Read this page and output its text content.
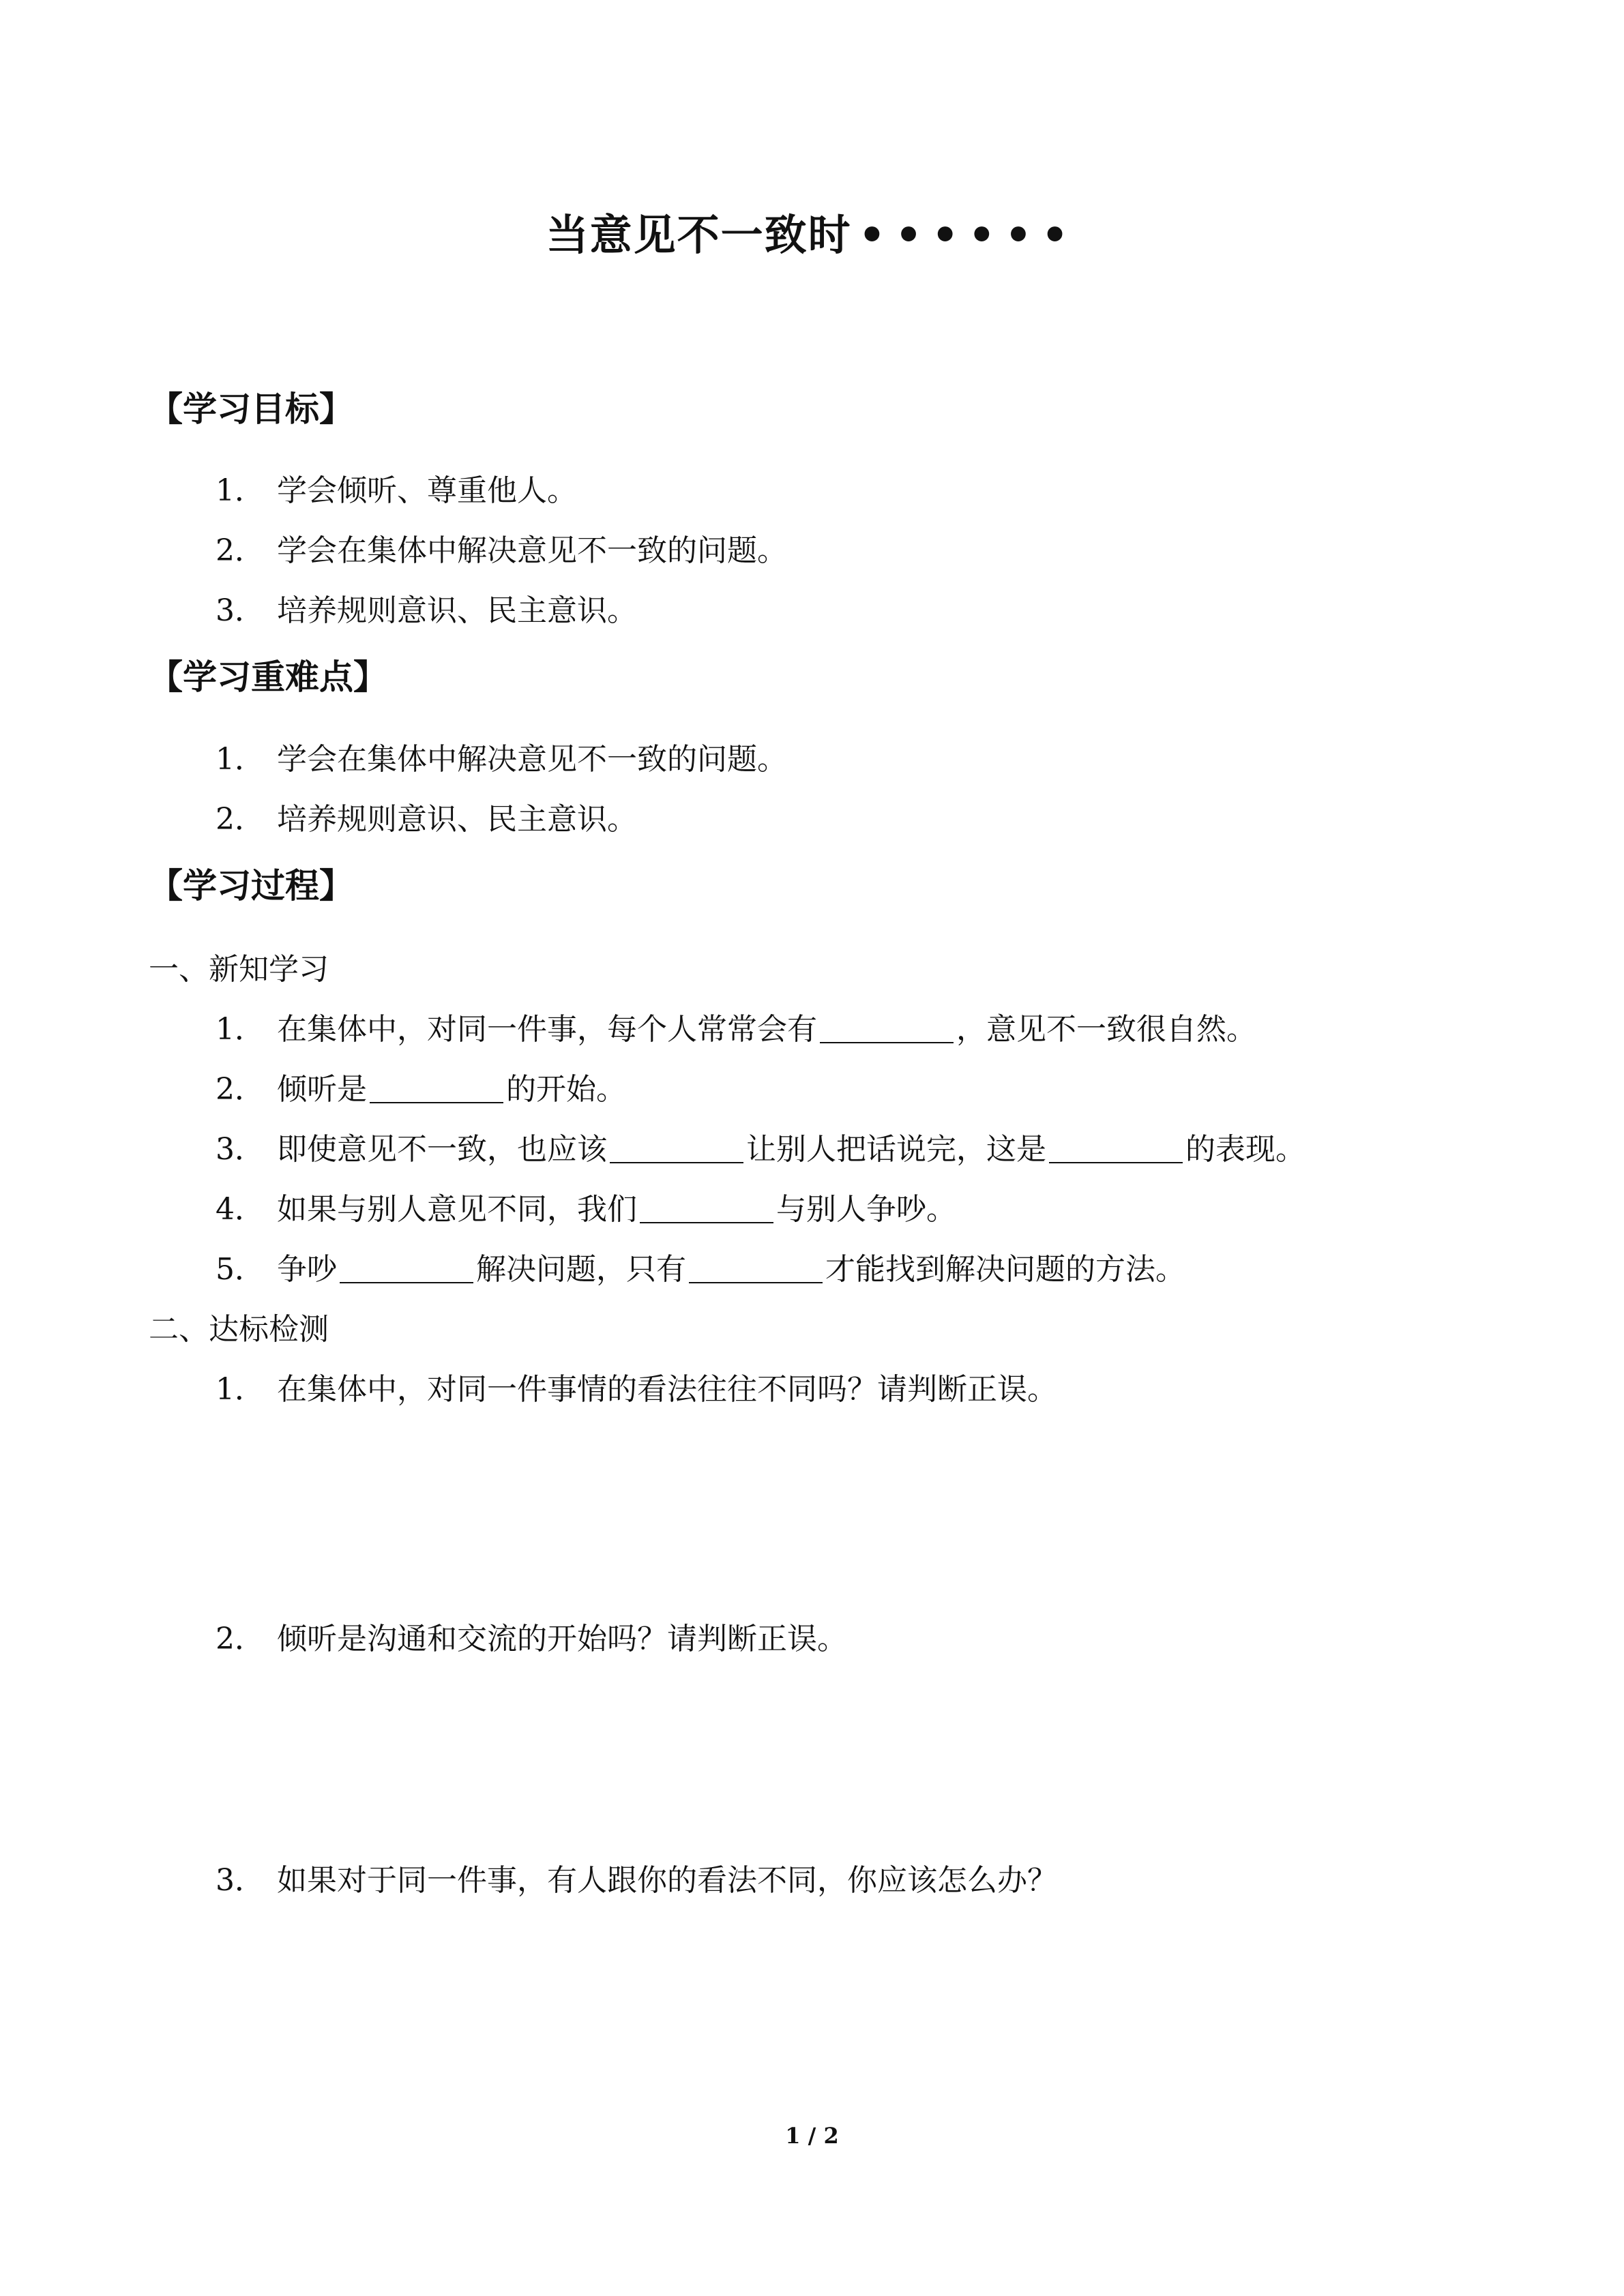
当意见不一致时 ••••••
【学习目标】
1． 学会倾听、尊重他人。
2． 学会在集体中解决意见不一致的问题。
3． 培养规则意识、民主意识。
【学习重难点】
1． 学会在集体中解决意见不一致的问题。
2． 培养规则意识、民主意识。
【学习过程】
一、新知学习
1． 在集体中，对同一件事，每个人常常会有	，意见不一致很自然。
2． 倾听是	的开始。
3． 即使意见不一致，也应该	让别人把话说完，这是	的表现。
4． 如果与别人意见不同，我们	与别人争吵。
5． 争吵	解决问题，只有	才能找到解决问题的方法。
二、达标检测
1． 在集体中，对同一件事情的看法往往不同吗？请判断正误。
2． 倾听是沟通和交流的开始吗？请判断正误。
3． 如果对于同一件事，有人跟你的看法不同，你应该怎么办？
1 / 2
